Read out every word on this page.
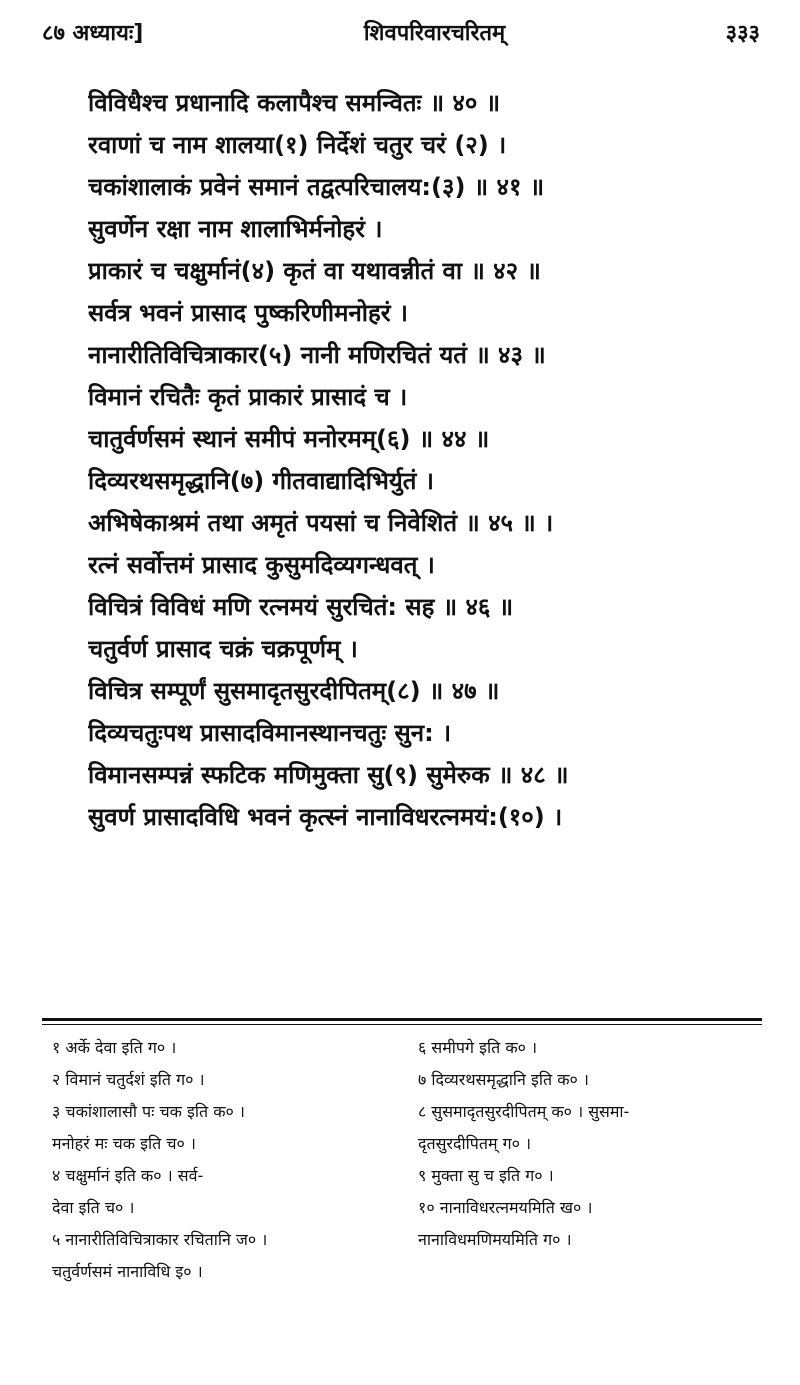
८७ अध्यायः]	शिवपरिवारचरितम्	३३३
विविधैश्च प्रधानादि कलापैश्च समन्वितः ॥ ४० ॥
रवाणां च नाम शालया(१) निर्देशं चतुर चरं (२) ।
चकांशालाकं प्रवेनं समानं तद्वत्परिचालय:(३) ॥ ४१ ॥
सुवर्णेन रक्षा नाम शालाभिर्मनोहरं ।
प्राकारं च चक्षुर्मानं(४) कृतं वा यथावन्नीतं वा ॥ ४२ ॥
सर्वत्र भवनं प्रासाद पुष्करिणीमनोहरं ।
नानारीतिविचित्राकार(५) नानी मणिरचितं यतं ॥ ४३ ॥
विमानं रचितैः कृतं प्राकारं प्रासादं च ।
चातुर्वर्णसमं स्थानं समीपं मनोरमम्(६) ॥ ४४ ॥
दिव्यरथसमृद्धानि(७) गीतवाद्यादिभिर्युतं ।
अभिषेकाश्रमं तथा अमृतं पयसां च निवेशितं ॥ ४५ ॥ ।
रत्नं सर्वोत्तमं प्रासाद कुसुमदिव्यगन्धवत् ।
विचित्रं विविधं मणि रत्नमयं सुरचितं: सह ॥ ४६ ॥
चतुर्वर्ण प्रासाद चक्रं चक्रपूर्णम् ।
विचित्र सम्पूर्णं सुसमादृतसुरदीपितम्(८) ॥ ४७ ॥
दिव्यचतुःपथ प्रासादविमानस्थानचतुः सुन: ।
विमानसम्पन्नं स्फटिक मणिमुक्ता सु(९) सुमेरुक ॥ ४८ ॥
सुवर्ण प्रासादविधि भवनं कृत्स्नं नानाविधरत्नमयं:(१०) ।
१ अर्के देवा इति ग० ।
२ विमानं चतुर्दशं इति ग० ।
३ चकांशालासौ पः चक इति क० ।
मनोहरं मः चक इति च० ।
४ चक्षुर्मानं इति क० । सर्व-
देवा इति च० ।
५ नानारीतिविचित्राकार रचितानि ज० ।
चतुर्वर्णसमं नानाविधि इ० ।
६ समीपगे इति क० ।
७ दिव्यरथसमृद्धानि इति क० ।
८ सुसमादृतसुरदीपितम् क० । सुसमा-
दृतसुरदीपितम् ग० ।
९ मुक्ता सु च इति ग० ।
१० नानाविधरत्नमयमिति ख० ।
नानाविधमणिमयमिति ग० ।
